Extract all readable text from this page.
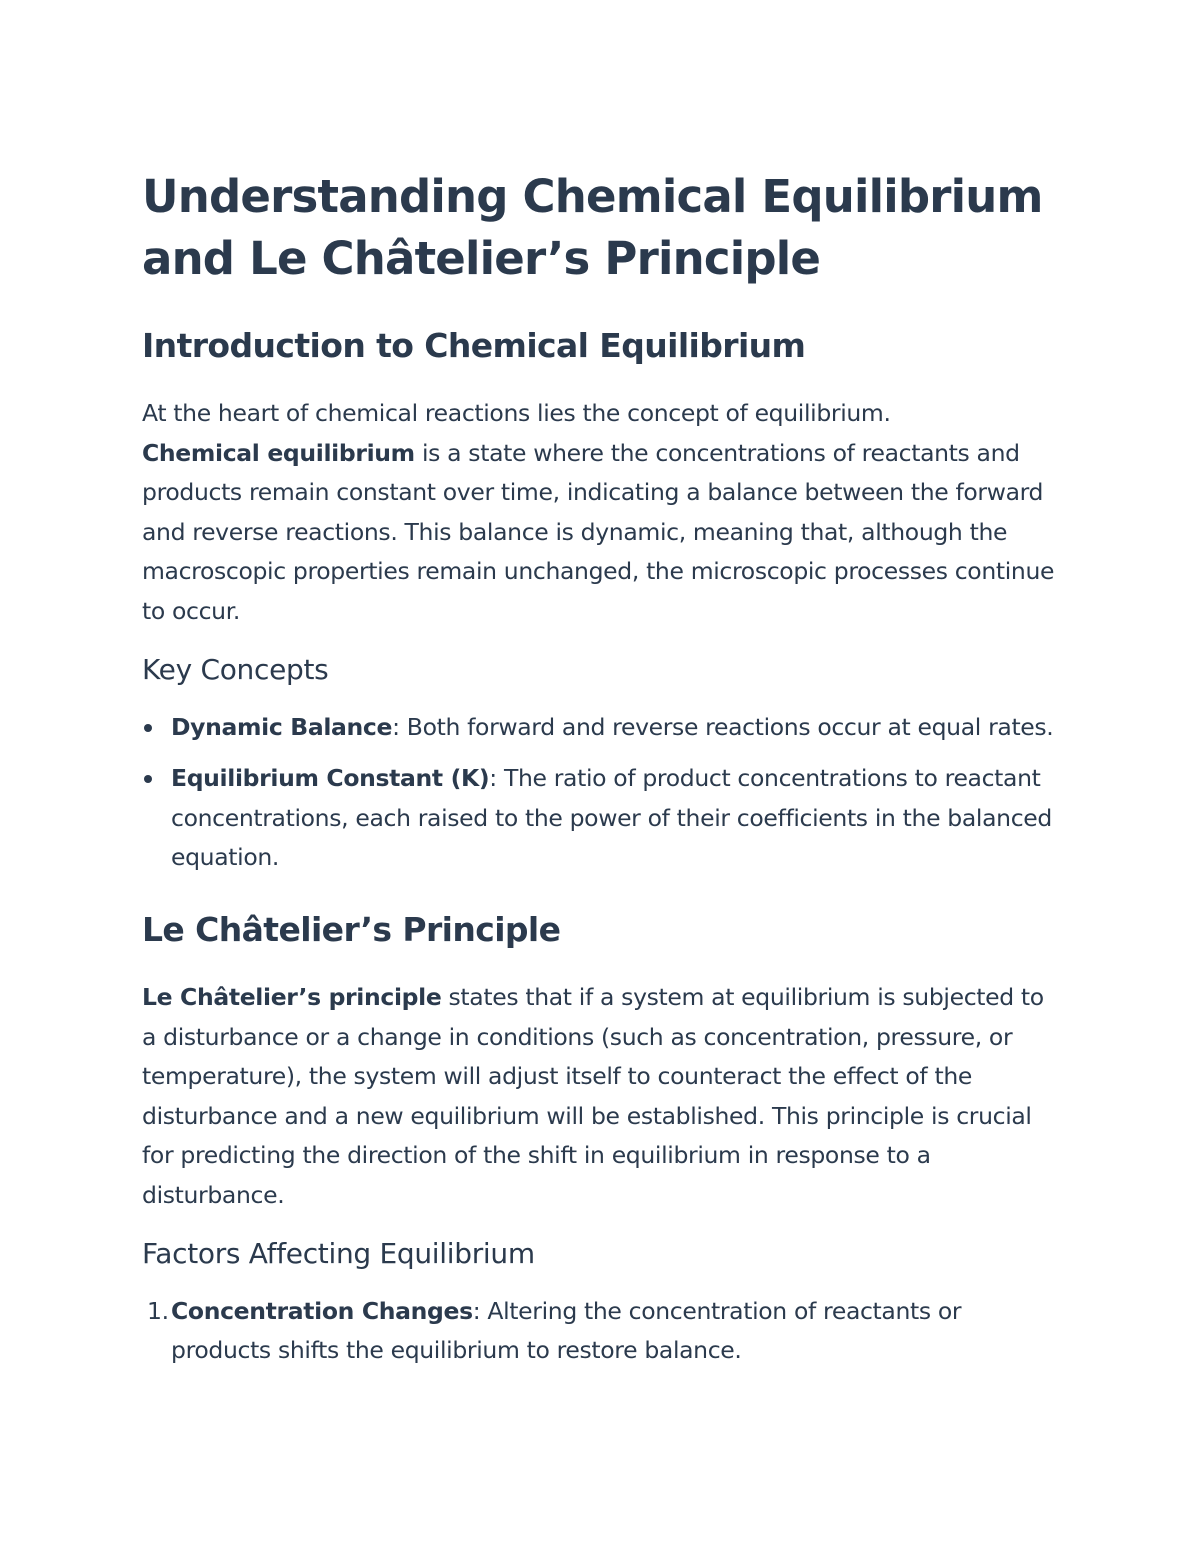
Understanding Chemical Equilibrium
and Le Châtelier’s Principle
Introduction to Chemical Equilibrium

At the heart of chemical reactions lies the concept of equilibrium.
Chemical equilibrium is a state where the concentrations of reactants and products remain constant over time, indicating a balance between the forward and reverse reactions. This balance is dynamic, meaning that, although the macroscopic properties remain unchanged, the microscopic processes continue to occur.

Key Concepts
Dynamic Balance: Both forward and reverse reactions occur at equal rates.
Equilibrium Constant (K): The ratio of product concentrations to reactant concentrations, each raised to the power of their coefficients in the balanced equation.
Le Châtelier’s Principle

Le Châtelier’s principle states that if a system at equilibrium is subjected to a disturbance or a change in conditions (such as concentration, pressure, or temperature), the system will adjust itself to counteract the effect of the disturbance and a new equilibrium will be established. This principle is crucial for predicting the direction of the shift in equilibrium in response to a disturbance.

Factors Affecting Equilibrium
1. Concentration Changes: Altering the concentration of reactants or products shifts the equilibrium to restore balance.
